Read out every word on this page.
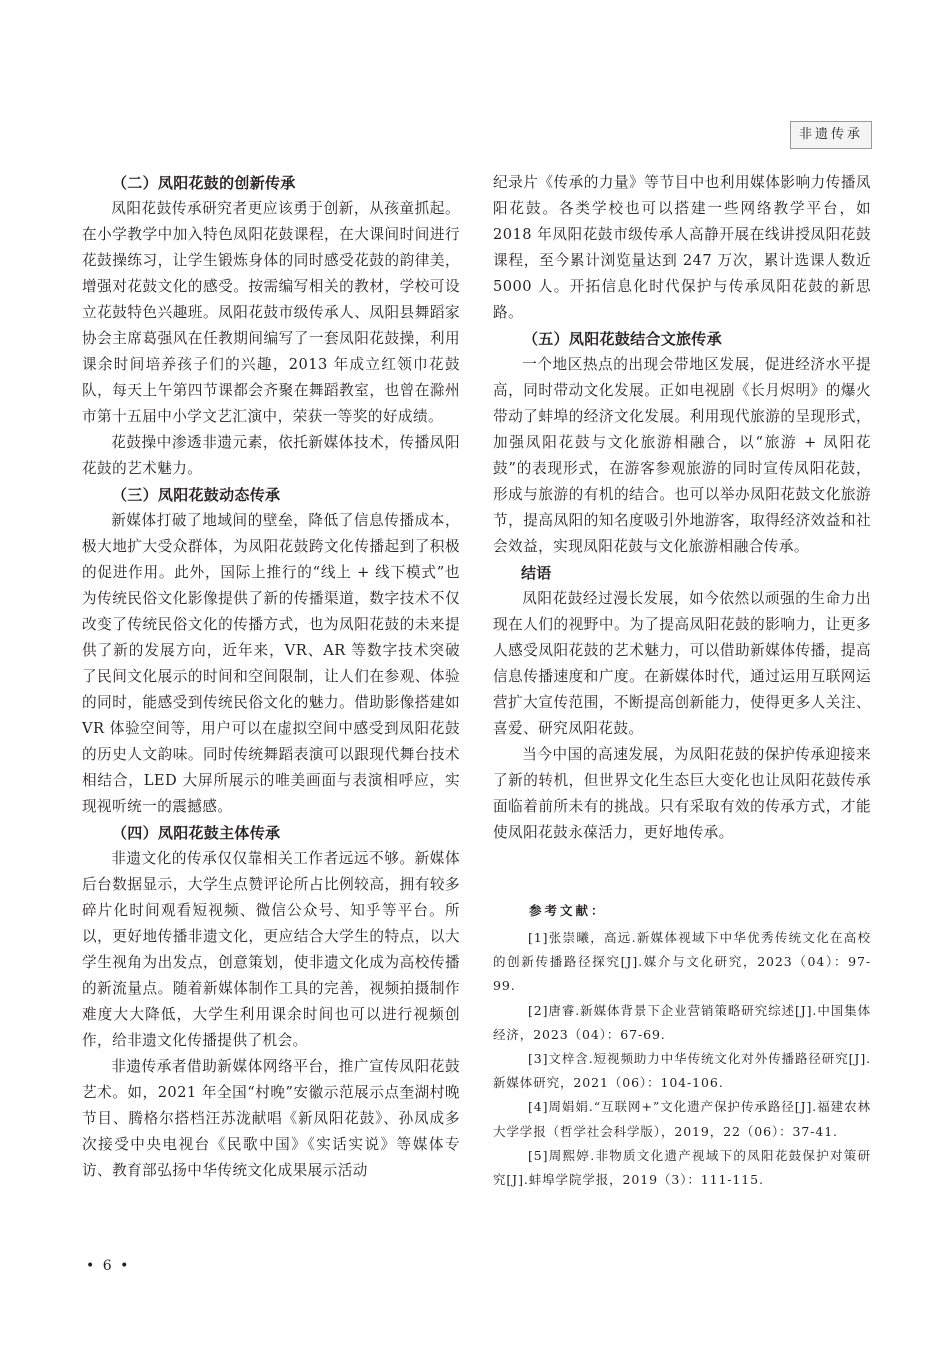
非遗传承
（二）凤阳花鼓的创新传承

凤阳花鼓传承研究者更应该勇于创新，从孩童抓起。在小学教学中加入特色凤阳花鼓课程，在大课间时间进行花鼓操练习，让学生锻炼身体的同时感受花鼓的韵律美，增强对花鼓文化的感受。按需编写相关的教材，学校可设立花鼓特色兴趣班。凤阳花鼓市级传承人、凤阳县舞蹈家协会主席葛强风在任教期间编写了一套凤阳花鼓操，利用课余时间培养孩子们的兴趣，2013 年成立红领巾花鼓队，每天上午第四节课都会齐聚在舞蹈教室，也曾在滁州市第十五届中小学文艺汇演中，荣获一等奖的好成绩。

花鼓操中渗透非遗元素，依托新媒体技术，传播凤阳花鼓的艺术魅力。

（三）凤阳花鼓动态传承

新媒体打破了地域间的壁垒，降低了信息传播成本，极大地扩大受众群体，为凤阳花鼓跨文化传播起到了积极的促进作用。此外，国际上推行的“线上 + 线下模式”也为传统民俗文化影像提供了新的传播渠道，数字技术不仅改变了传统民俗文化的传播方式，也为凤阳花鼓的未来提供了新的发展方向，近年来，VR、AR 等数字技术突破了民间文化展示的时间和空间限制，让人们在参观、体验的同时，能感受到传统民俗文化的魅力。借助影像搭建如 VR 体验空间等，用户可以在虚拟空间中感受到凤阳花鼓的历史人文韵味。同时传统舞蹈表演可以跟现代舞台技术相结合，LED 大屏所展示的唯美画面与表演相呼应，实现视听统一的震撼感。

（四）凤阳花鼓主体传承

非遗文化的传承仅仅靠相关工作者远远不够。新媒体后台数据显示，大学生点赞评论所占比例较高，拥有较多碎片化时间观看短视频、微信公众号、知乎等平台。所以，更好地传播非遗文化，更应结合大学生的特点，以大学生视角为出发点，创意策划，使非遗文化成为高校传播的新流量点。随着新媒体制作工具的完善，视频拍摄制作难度大大降低，大学生利用课余时间也可以进行视频创作，给非遗文化传播提供了机会。

非遗传承者借助新媒体网络平台，推广宣传凤阳花鼓艺术。如，2021 年全国“村晚”安徽示范展示点奎湖村晚节目、腾格尔搭档汪苏泷献唱《新凤阳花鼓》、孙凤成多次接受中央电视台《民歌中国》《实话实说》等媒体专访、教育部弘扬中华传统文化成果展示活动

纪录片《传承的力量》等节目中也利用媒体影响力传播凤阳花鼓。各类学校也可以搭建一些网络教学平台，如 2018 年凤阳花鼓市级传承人高静开展在线讲授凤阳花鼓课程，至今累计浏览量达到 247 万次，累计选课人数近 5000 人。开拓信息化时代保护与传承凤阳花鼓的新思路。

（五）凤阳花鼓结合文旅传承

一个地区热点的出现会带地区发展，促进经济水平提高，同时带动文化发展。正如电视剧《长月烬明》的爆火带动了蚌埠的经济文化发展。利用现代旅游的呈现形式，加强凤阳花鼓与文化旅游相融合，以“旅游 + 凤阳花鼓”的表现形式，在游客参观旅游的同时宣传凤阳花鼓，形成与旅游的有机的结合。也可以举办凤阳花鼓文化旅游节，提高凤阳的知名度吸引外地游客，取得经济效益和社会效益，实现凤阳花鼓与文化旅游相融合传承。

结语

凤阳花鼓经过漫长发展，如今依然以顽强的生命力出现在人们的视野中。为了提高凤阳花鼓的影响力，让更多人感受凤阳花鼓的艺术魅力，可以借助新媒体传播，提高信息传播速度和广度。在新媒体时代，通过运用互联网运营扩大宣传范围，不断提高创新能力，使得更多人关注、喜爱、研究凤阳花鼓。

当今中国的高速发展，为凤阳花鼓的保护传承迎接来了新的转机，但世界文化生态巨大变化也让凤阳花鼓传承面临着前所未有的挑战。只有采取有效的传承方式，才能使凤阳花鼓永葆活力，更好地传承。

参考文献：

[1]张崇曦，高远.新媒体视域下中华优秀传统文化在高校的创新传播路径探究[J].媒介与文化研究，2023（04）：97-99.

[2]唐睿.新媒体背景下企业营销策略研究综述[J].中国集体经济，2023（04）：67-69.

[3]文梓含.短视频助力中华传统文化对外传播路径研究[J].新媒体研究，2021（06）：104-106.

[4]周娟娟.“互联网+”文化遗产保护传承路径[J].福建农林大学学报（哲学社会科学版），2019，22（06）：37-41.

[5]周熙婷.非物质文化遗产视域下的凤阳花鼓保护对策研究[J].蚌埠学院学报，2019（3）：111-115.

• 6 •
